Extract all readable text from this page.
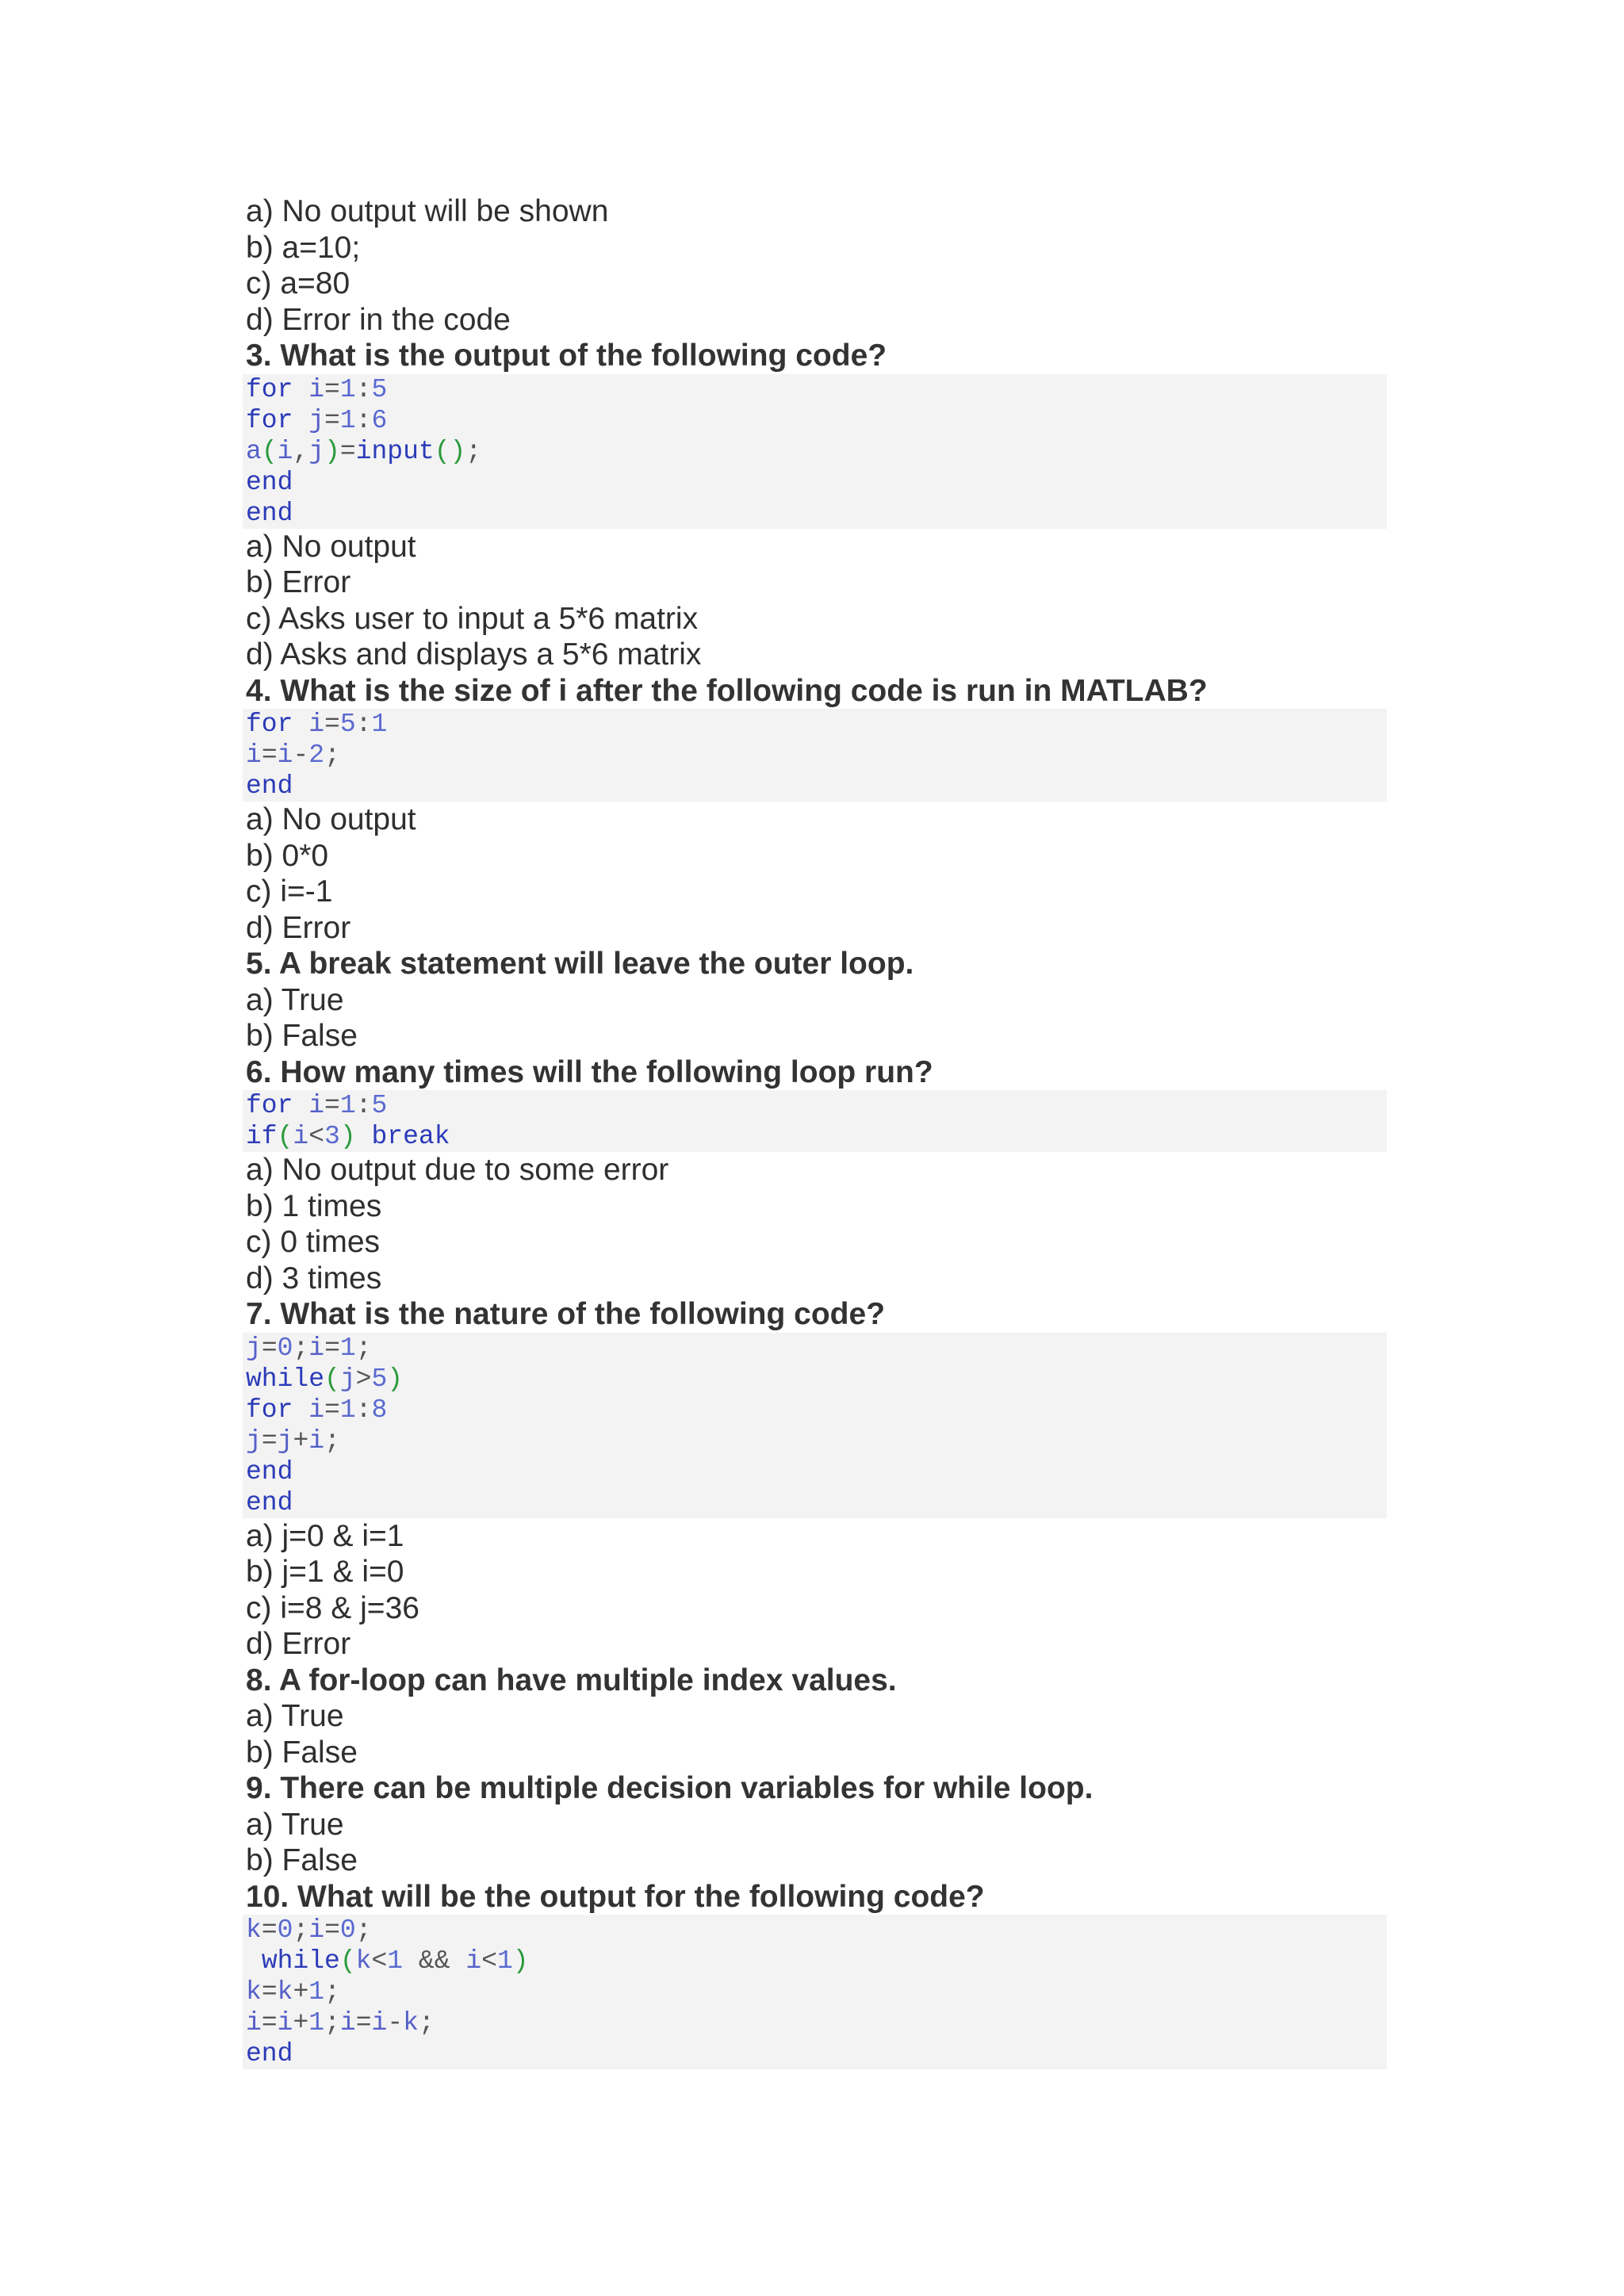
a) No output will be shown
b) a=10;
c) a=80
d) Error in the code
3. What is the output of the following code?
for i=1:5
for j=1:6
a(i,j)=input();
end
end
a) No output
b) Error
c) Asks user to input a 5*6 matrix
d) Asks and displays a 5*6 matrix
4. What is the size of i after the following code is run in MATLAB?
for i=5:1
i=i-2;
end
a) No output
b) 0*0
c) i=-1
d) Error
5. A break statement will leave the outer loop.
a) True
b) False
6. How many times will the following loop run?
for i=1:5
if(i<3) break
a) No output due to some error
b) 1 times
c) 0 times
d) 3 times
7. What is the nature of the following code?
j=0;i=1;
while(j>5)
for i=1:8
j=j+i;
end
end
a) j=0 & i=1
b) j=1 & i=0
c) i=8 & j=36
d) Error
8. A for-loop can have multiple index values.
a) True
b) False
9. There can be multiple decision variables for while loop.
a) True
b) False
10. What will be the output for the following code?
k=0;i=0;
while(k<1 && i<1)
k=k+1;
i=i+1;i=i-k;
end
